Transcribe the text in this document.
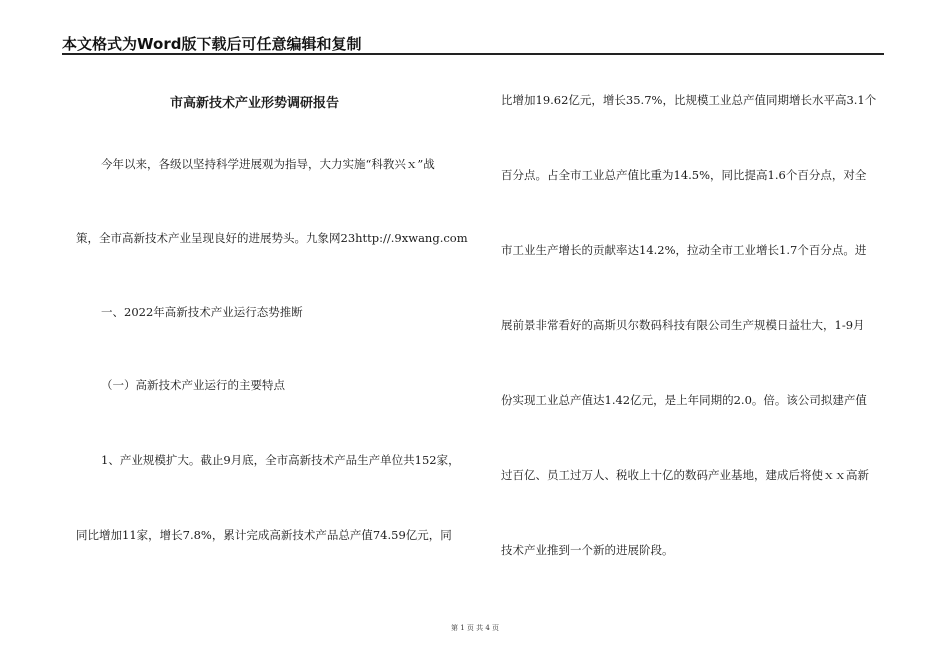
本文格式为Word版下载后可任意编辑和复制
市高新技术产业形势调研报告
今年以来，各级以坚持科学进展观为指导，大力实施“科教兴ｘ”战
策，全市高新技术产业呈现良好的进展势头。九象网23http://.9xwang.com
一、2022年高新技术产业运行态势推断
（一）高新技术产业运行的主要特点
1、产业规模扩大。截止9月底，全市高新技术产品生产单位共152家，
同比增加11家，增长7.8%，累计完成高新技术产品总产值74.59亿元，同
比增加19.62亿元，增长35.7%，比规模工业总产值同期增长水平高3.1个
百分点。占全市工业总产值比重为14.5%，同比提高1.6个百分点，对全
市工业生产增长的贡献率达14.2%，拉动全市工业增长1.7个百分点。进
展前景非常看好的高斯贝尔数码科技有限公司生产规模日益壮大，1-9月
份实现工业总产值达1.42亿元，是上年同期的2.0。倍。该公司拟建产值
过百亿、员工过万人、税收上十亿的数码产业基地，建成后将使ｘｘ高新
技术产业推到一个新的进展阶段。
第 1 页 共 4 页
